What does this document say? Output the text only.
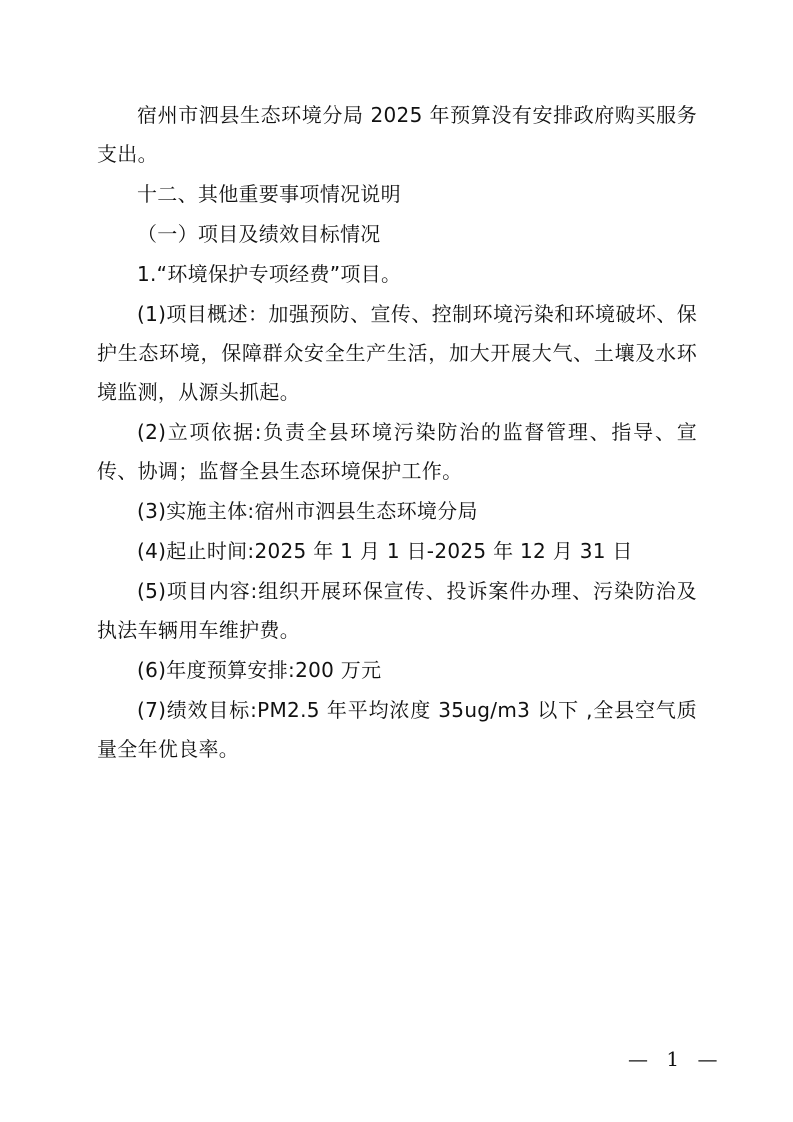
宿州市泗县生态环境分局 2025 年预算没有安排政府购买服务支出。

十二、其他重要事项情况说明

（一）项目及绩效目标情况

1.“环境保护专项经费”项目。

(1)项目概述：加强预防、宣传、控制环境污染和环境破坏、保护生态环境，保障群众安全生产生活，加大开展大气、土壤及水环境监测，从源头抓起。

(2)立项依据:负责全县环境污染防治的监督管理、指导、宣传、协调；监督全县生态环境保护工作。

(3)实施主体:宿州市泗县生态环境分局

(4)起止时间:2025 年 1 月 1 日-2025 年 12 月 31 日

(5)项目内容:组织开展环保宣传、投诉案件办理、污染防治及执法车辆用车维护费。

(6)年度预算安排:200 万元

(7)绩效目标:PM2.5 年平均浓度 35ug/m3 以下 ,全县空气质量全年优良率。

— 1 —
